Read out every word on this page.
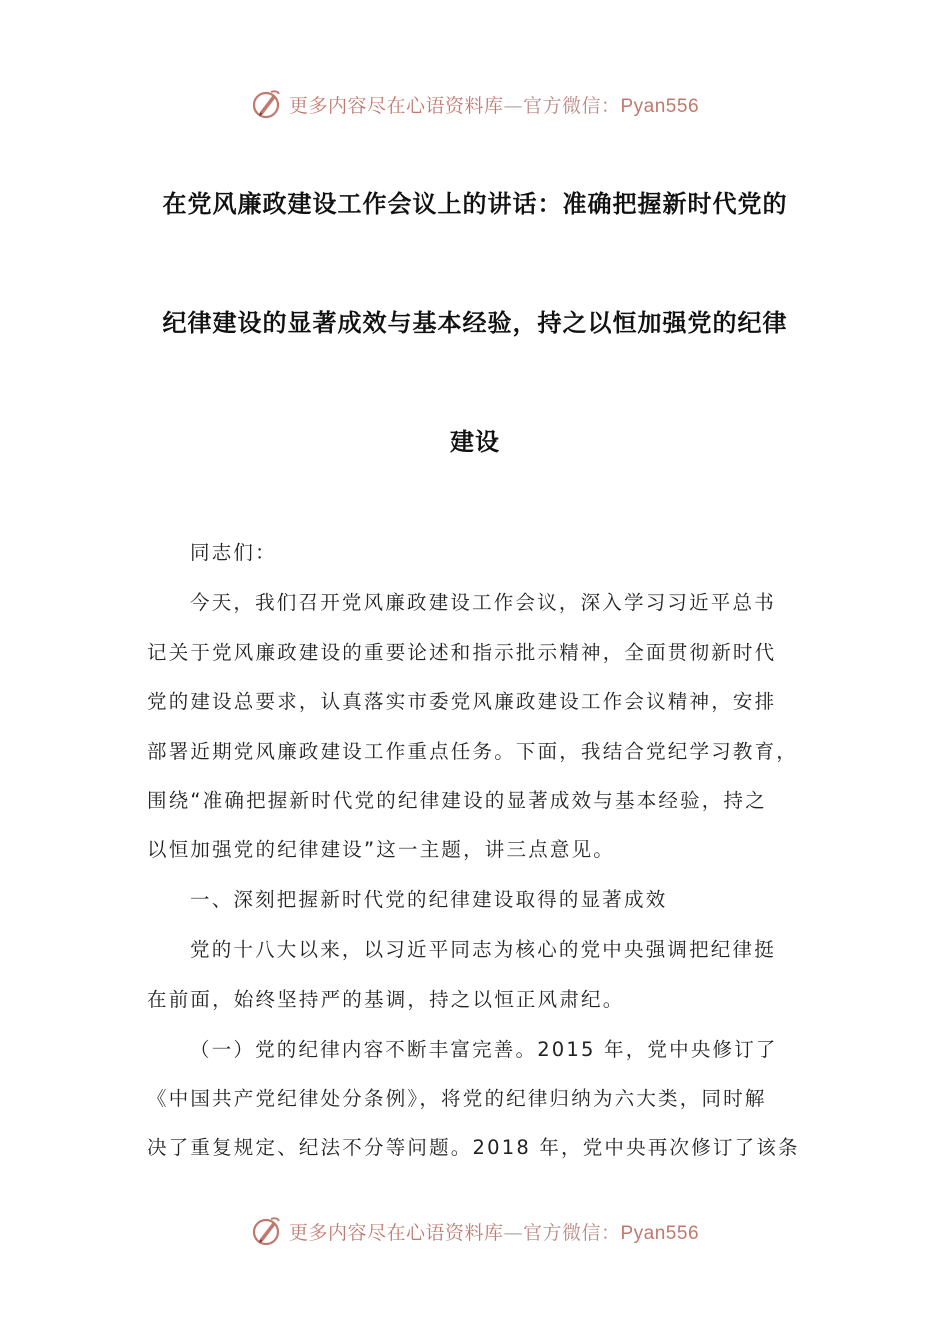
更多内容尽在心语资料库—官方微信：Pyan556
在党风廉政建设工作会议上的讲话：准确把握新时代党的
纪律建设的显著成效与基本经验，持之以恒加强党的纪律
建设
同志们：
今天，我们召开党风廉政建设工作会议，深入学习习近平总书
记关于党风廉政建设的重要论述和指示批示精神，全面贯彻新时代
党的建设总要求，认真落实市委党风廉政建设工作会议精神，安排
部署近期党风廉政建设工作重点任务。下面，我结合党纪学习教育，
围绕“准确把握新时代党的纪律建设的显著成效与基本经验，持之
以恒加强党的纪律建设”这一主题，讲三点意见。
一、深刻把握新时代党的纪律建设取得的显著成效
党的十八大以来，以习近平同志为核心的党中央强调把纪律挺
在前面，始终坚持严的基调，持之以恒正风肃纪。
（一）党的纪律内容不断丰富完善。2015 年，党中央修订了
《中国共产党纪律处分条例》，将党的纪律归纳为六大类，同时解
决了重复规定、纪法不分等问题。2018 年，党中央再次修订了该条
更多内容尽在心语资料库—官方微信：Pyan556
